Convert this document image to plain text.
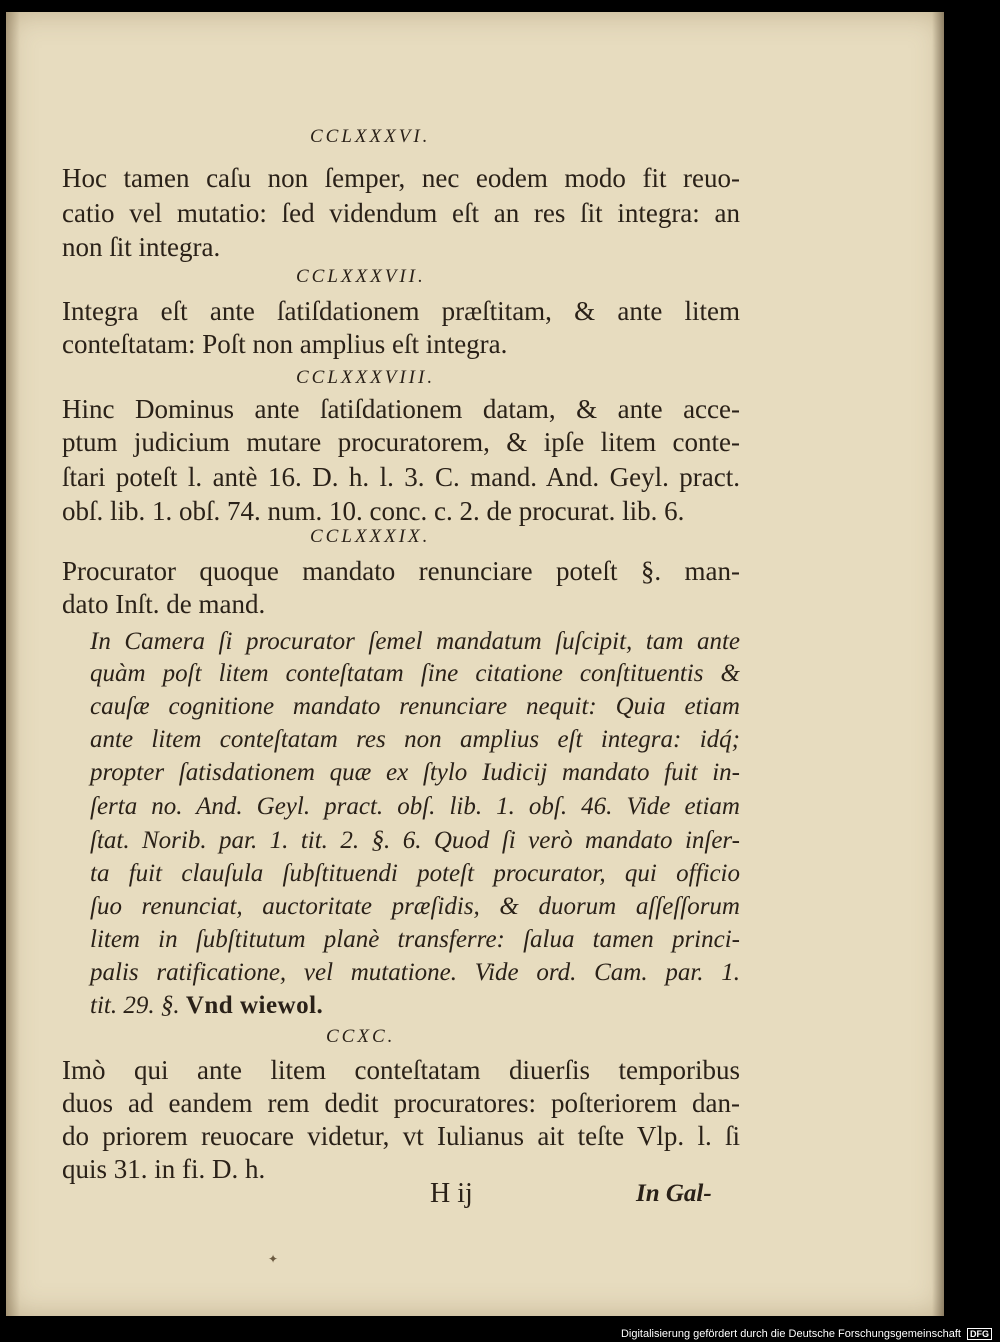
CCLXXXVI.
Hoc tamen caſu non ſemper, nec eodem modo fit reuo-
catio vel mutatio: ſed videndum eſt an res ſit integra: an
non ſit integra.
CCLXXXVII.
Integra eſt ante ſatiſdationem præſtitam, & ante litem
conteſtatam: Poſt non amplius eſt integra.
CCLXXXVIII.
Hinc Dominus ante ſatiſdationem datam, & ante acce-
ptum judicium mutare procuratorem, & ipſe litem conte-
ſtari poteſt l. antè 16. D. h. l. 3. C. mand. And. Geyl. pract.
obſ. lib. 1. obſ. 74. num. 10. conc. c. 2. de procurat. lib. 6.
CCLXXXIX.
Procurator quoque mandato renunciare poteſt §. man-
dato Inſt. de mand.
In Camera ſi procurator ſemel mandatum ſuſcipit, tam ante
quàm poſt litem conteſtatam ſine citatione conſtituentis &
cauſæ cognitione mandato renunciare nequit: Quia etiam
ante litem conteſtatam res non amplius eſt integra: idq́;
propter ſatisdationem quæ ex ſtylo Iudicij mandato fuit in-
ſerta no. And. Geyl. pract. obſ. lib. 1. obſ. 46. Vide etiam
ſtat. Norib. par. 1. tit. 2. §. 6. Quod ſi verò mandato inſer-
ta fuit clauſula ſubſtituendi poteſt procurator, qui officio
ſuo renunciat, auctoritate præſidis, & duorum aſſeſſorum
litem in ſubſtitutum planè transferre: ſalua tamen princi-
palis ratificatione, vel mutatione. Vide ord. Cam. par. 1.
tit. 29. §. Vnd wiewol.
CCXC.
Imò qui ante litem conteſtatam diuerſis temporibus
duos ad eandem rem dedit procuratores: poſteriorem dan-
do priorem reuocare videtur, vt Iulianus ait teſte Vlp. l. ſi
quis 31. in fi. D. h.
H ij	In Gal-
✦
Digitalisierung gefördert durch die Deutsche Forschungsgemeinschaft DFG
